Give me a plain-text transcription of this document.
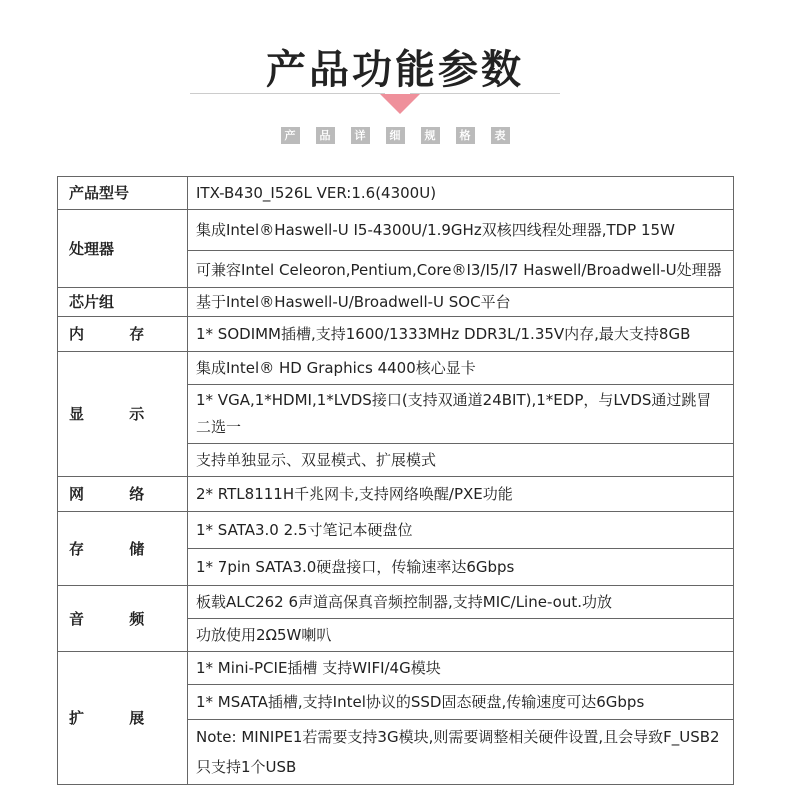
产品功能参数
产 品 详 细 规 格 表
产品型号	ITX-B430_I526L VER:1.6(4300U)
处理器	集成Intel®Haswell-U I5-4300U/1.9GHz双核四线程处理器,TDP 15W
	可兼容Intel Celeoron,Pentium,Core®I3/I5/I7 Haswell/Broadwell-U处理器
芯片组	基于Intel®Haswell-U/Broadwell-U SOC平台
内 存	1* SODIMM插槽,支持1600/1333MHz DDR3L/1.35V内存,最大支持8GB
显 示	集成Intel® HD Graphics 4400核心显卡
	1* VGA,1*HDMI,1*LVDS接口(支持双通道24BIT),1*EDP，与LVDS通过跳冒二选一
	支持单独显示、双显模式、扩展模式
网 络	2* RTL8111H千兆网卡,支持网络唤醒/PXE功能
存 储	1* SATA3.0 2.5寸笔记本硬盘位
	1* 7pin SATA3.0硬盘接口，传输速率达6Gbps
音 频	板载ALC262 6声道高保真音频控制器,支持MIC/Line-out.功放
	功放使用2Ω5W喇叭
扩 展	1* Mini-PCIE插槽 支持WIFI/4G模块
	1* MSATA插槽,支持Intel协议的SSD固态硬盘,传输速度可达6Gbps
	Note: MINIPE1若需要支持3G模块,则需要调整相关硬件设置,且会导致F_USB2只支持1个USB
